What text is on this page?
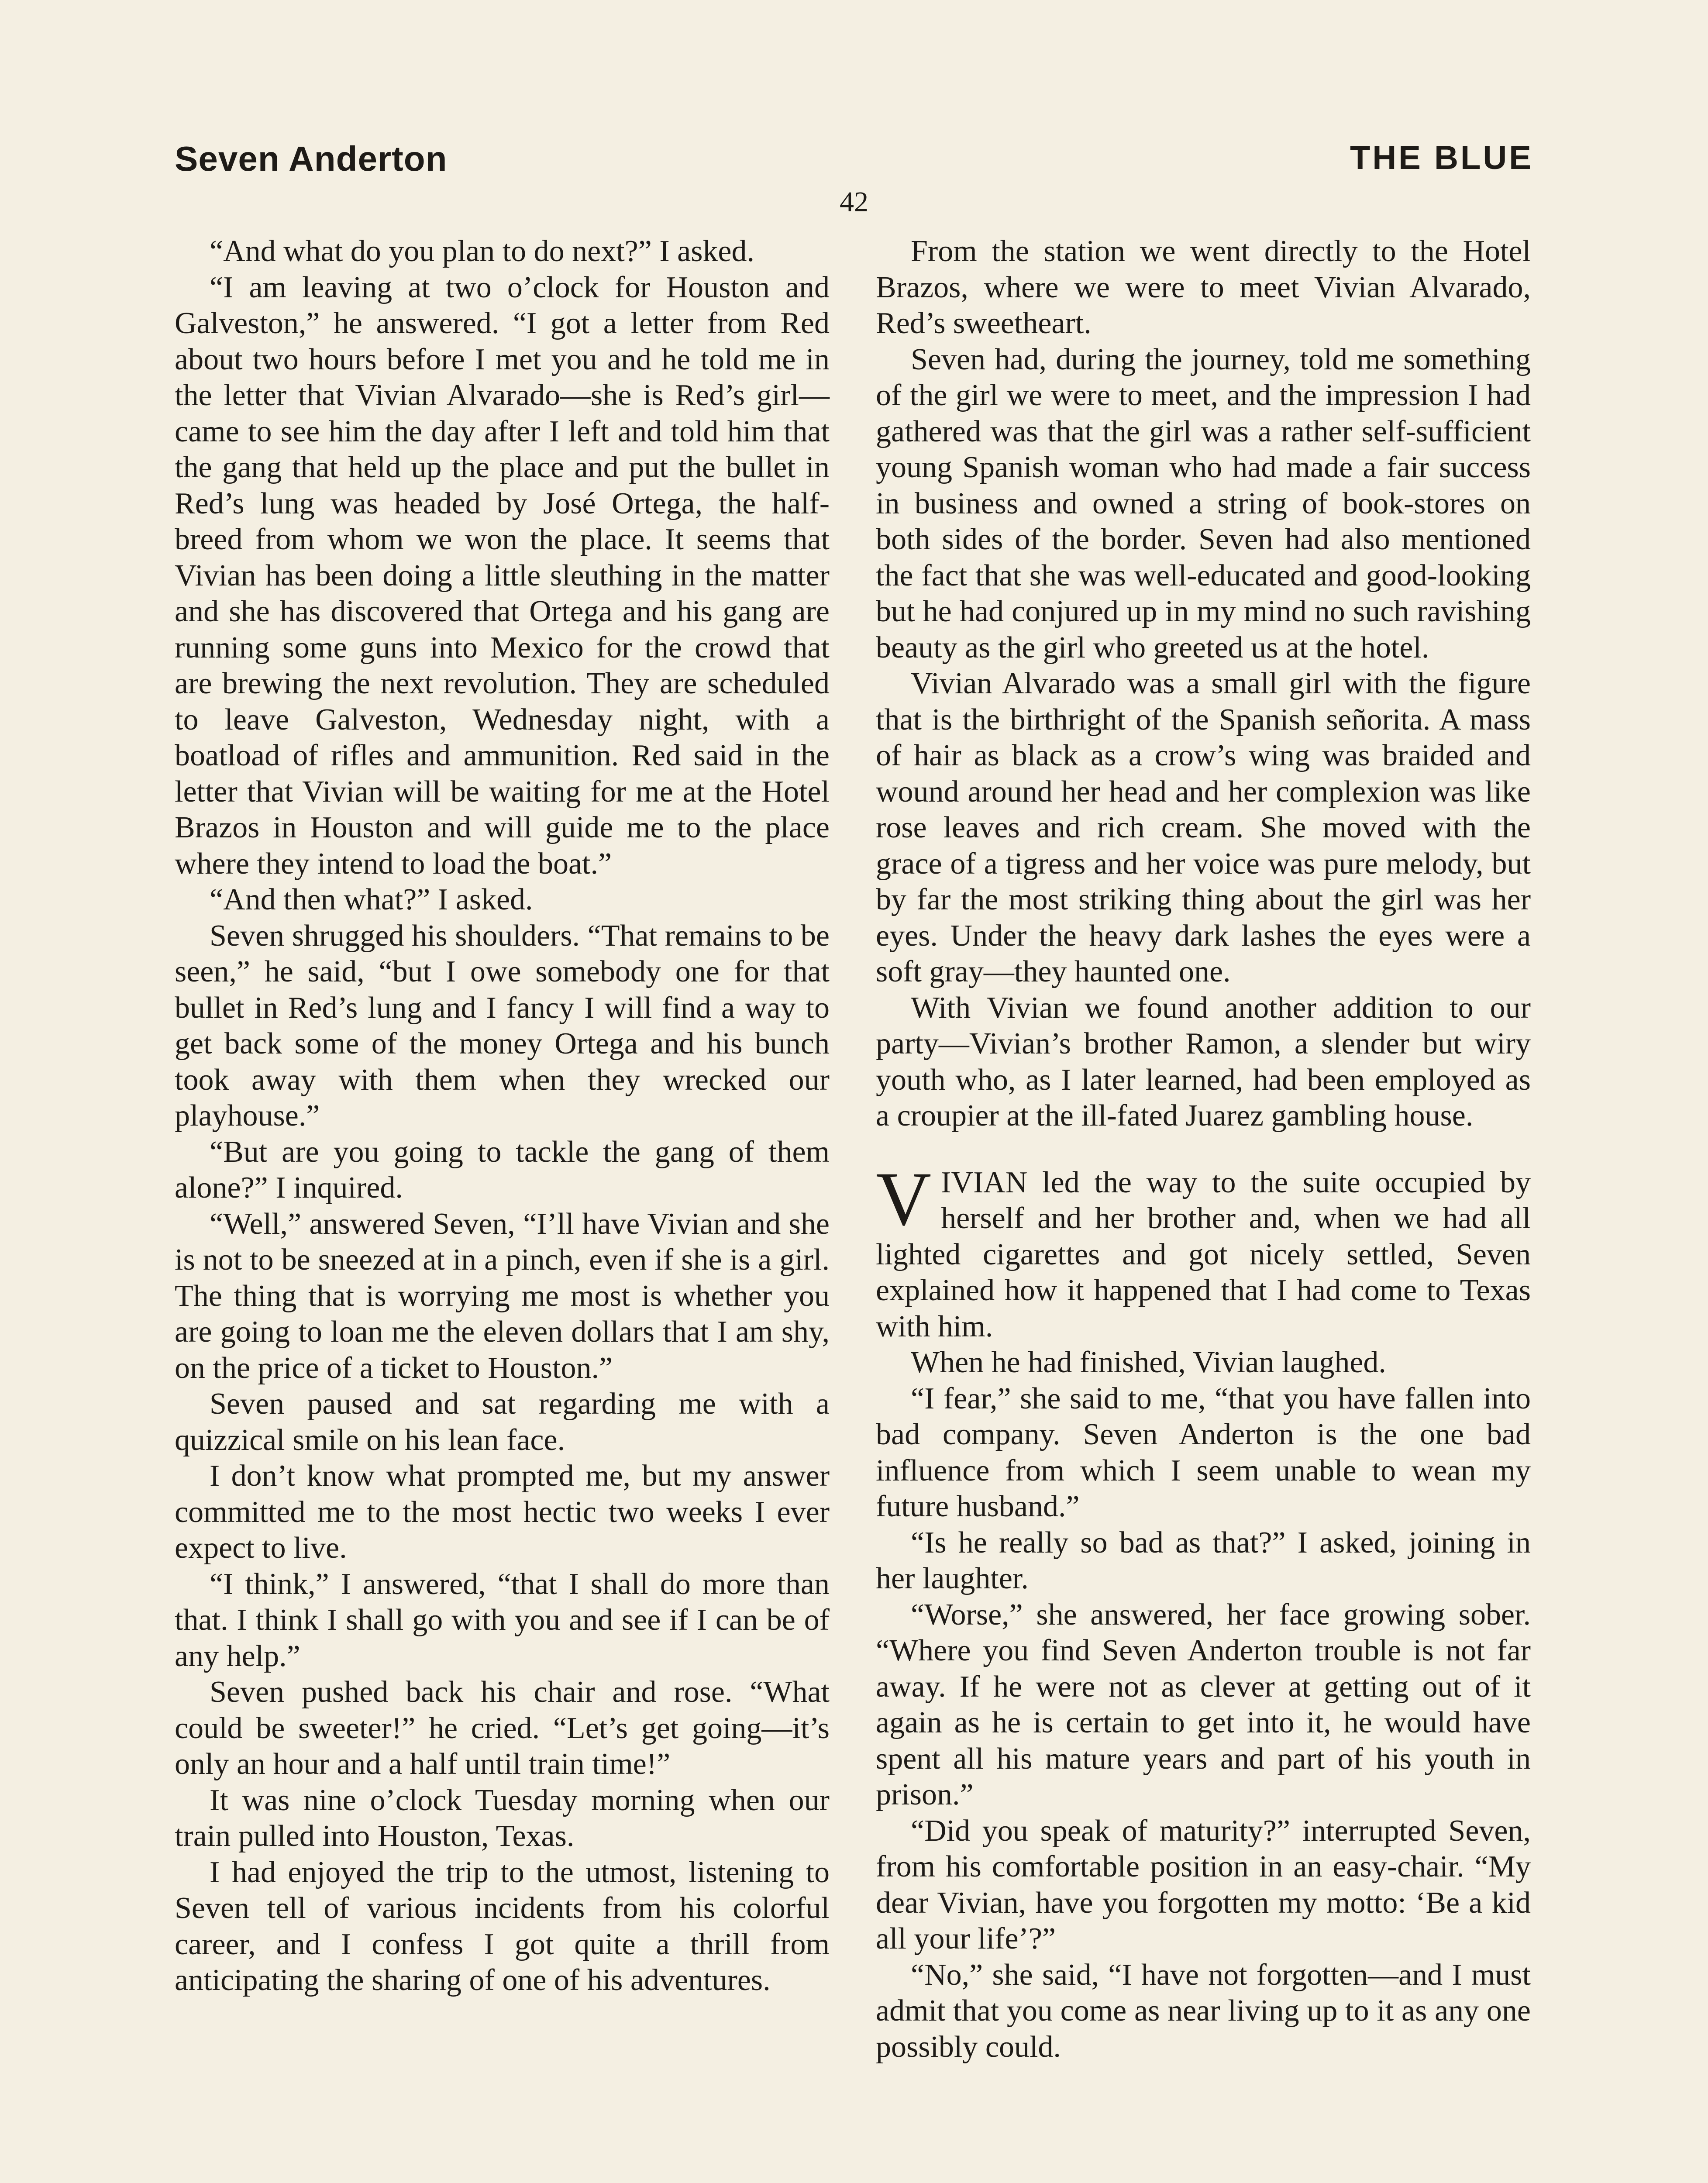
Seven Anderton	THE BLUE
42

“And what do you plan to do next?” I asked.

“I am leaving at two o’clock for Houston and Galveston,” he answered. “I got a letter from Red about two hours before I met you and he told me in the letter that Vivian Alvarado—she is Red’s girl—came to see him the day after I left and told him that the gang that held up the place and put the bullet in Red’s lung was headed by José Ortega, the half-breed from whom we won the place. It seems that Vivian has been doing a little sleuthing in the matter and she has discovered that Ortega and his gang are running some guns into Mexico for the crowd that are brewing the next revolution. They are scheduled to leave Galveston, Wednesday night, with a boatload of rifles and ammunition. Red said in the letter that Vivian will be waiting for me at the Hotel Brazos in Houston and will guide me to the place where they intend to load the boat.”

“And then what?” I asked.

Seven shrugged his shoulders. “That remains to be seen,” he said, “but I owe somebody one for that bullet in Red’s lung and I fancy I will find a way to get back some of the money Ortega and his bunch took away with them when they wrecked our playhouse.”

“But are you going to tackle the gang of them alone?” I inquired.

“Well,” answered Seven, “I’ll have Vivian and she is not to be sneezed at in a pinch, even if she is a girl. The thing that is worrying me most is whether you are going to loan me the eleven dollars that I am shy, on the price of a ticket to Houston.”

Seven paused and sat regarding me with a quizzical smile on his lean face.

I don’t know what prompted me, but my answer committed me to the most hectic two weeks I ever expect to live.

“I think,” I answered, “that I shall do more than that. I think I shall go with you and see if I can be of any help.”

Seven pushed back his chair and rose. “What could be sweeter!” he cried. “Let’s get going—it’s only an hour and a half until train time!”

It was nine o’clock Tuesday morning when our train pulled into Houston, Texas.

I had enjoyed the trip to the utmost, listening to Seven tell of various incidents from his colorful career, and I confess I got quite a thrill from anticipating the sharing of one of his adventures.

From the station we went directly to the Hotel Brazos, where we were to meet Vivian Alvarado, Red’s sweetheart.

Seven had, during the journey, told me something of the girl we were to meet, and the impression I had gathered was that the girl was a rather self-sufficient young Spanish woman who had made a fair success in business and owned a string of book-stores on both sides of the border. Seven had also mentioned the fact that she was well-educated and good-looking but he had conjured up in my mind no such ravishing beauty as the girl who greeted us at the hotel.

Vivian Alvarado was a small girl with the figure that is the birthright of the Spanish señorita. A mass of hair as black as a crow’s wing was braided and wound around her head and her complexion was like rose leaves and rich cream. She moved with the grace of a tigress and her voice was pure melody, but by far the most striking thing about the girl was her eyes. Under the heavy dark lashes the eyes were a soft gray—they haunted one.

With Vivian we found another addition to our party—Vivian’s brother Ramon, a slender but wiry youth who, as I later learned, had been employed as a croupier at the ill-fated Juarez gambling house.

VIVIAN led the way to the suite occupied by herself and her brother and, when we had all lighted cigarettes and got nicely settled, Seven explained how it happened that I had come to Texas with him.

When he had finished, Vivian laughed.

“I fear,” she said to me, “that you have fallen into bad company. Seven Anderton is the one bad influence from which I seem unable to wean my future husband.”

“Is he really so bad as that?” I asked, joining in her laughter.

“Worse,” she answered, her face growing sober. “Where you find Seven Anderton trouble is not far away. If he were not as clever at getting out of it again as he is certain to get into it, he would have spent all his mature years and part of his youth in prison.”

“Did you speak of maturity?” interrupted Seven, from his comfortable position in an easy-chair. “My dear Vivian, have you forgotten my motto: ‘Be a kid all your life’?”

“No,” she said, “I have not forgotten—and I must admit that you come as near living up to it as any one possibly could.
